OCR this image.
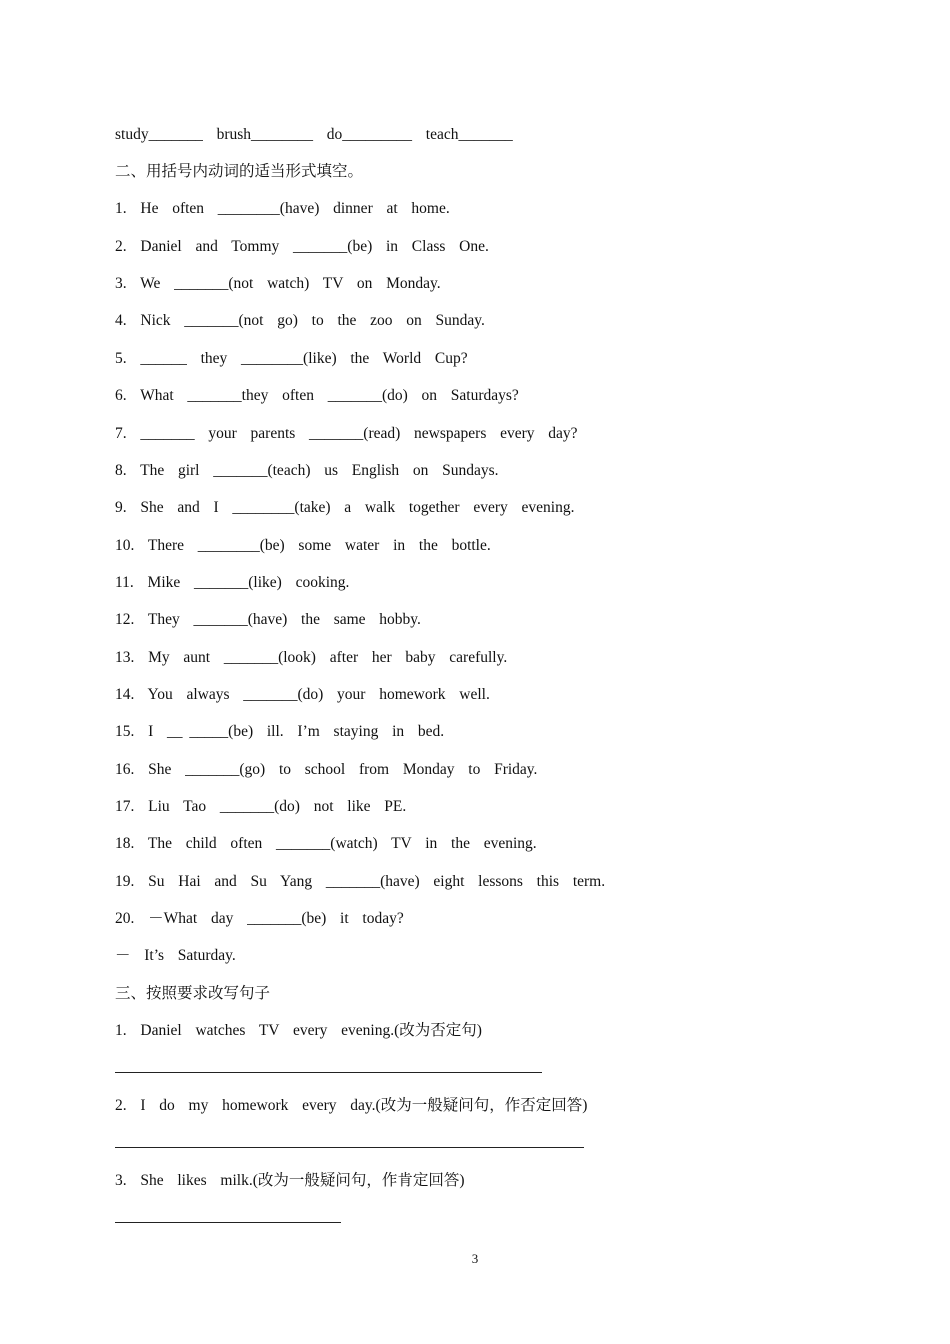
study_______  brush________  do_________  teach_______
二、用括号内动词的适当形式填空。
1.  He  often  ________(have)  dinner  at  home.
2.  Daniel  and  Tommy  _______(be)  in  Class  One.
3.  We  _______(not  watch)  TV  on  Monday.
4.  Nick  _______(not  go)  to  the  zoo  on  Sunday.
5.  ______  they  ________(like)  the  World  Cup?
6.  What  _______they  often  _______(do)  on  Saturdays?
7.  _______  your  parents  _______(read)  newspapers  every  day?
8.  The  girl  _______(teach)  us  English  on  Sundays.
9.  She  and  I  ________(take)  a  walk  together  every  evening.
10.  There  ________(be)  some  water  in  the  bottle.
11.  Mike  _______(like)  cooking.
12.  They  _______(have)  the  same  hobby.
13.  My  aunt  _______(look)  after  her  baby  carefully.
14.  You  always  _______(do)  your  homework  well.
15.  I  __ _____(be)  ill.  I’m  staying  in  bed.
16.  She  _______(go)  to  school  from  Monday  to  Friday.
17.  Liu  Tao  _______(do)  not  like  PE.
18.  The  child  often  _______(watch)  TV  in  the  evening.
19.  Su  Hai  and  Su  Yang  _______(have)  eight  lessons  this  term.
20.  －What  day  _______(be)  it  today?
－  It’s  Saturday.
三、按照要求改写句子
1.  Daniel  watches  TV  every  evening.(改为否定句)
2.  I  do  my  homework  every  day.(改为一般疑问句，作否定回答)
3.  She  likes  milk.(改为一般疑问句，作肯定回答)
3
